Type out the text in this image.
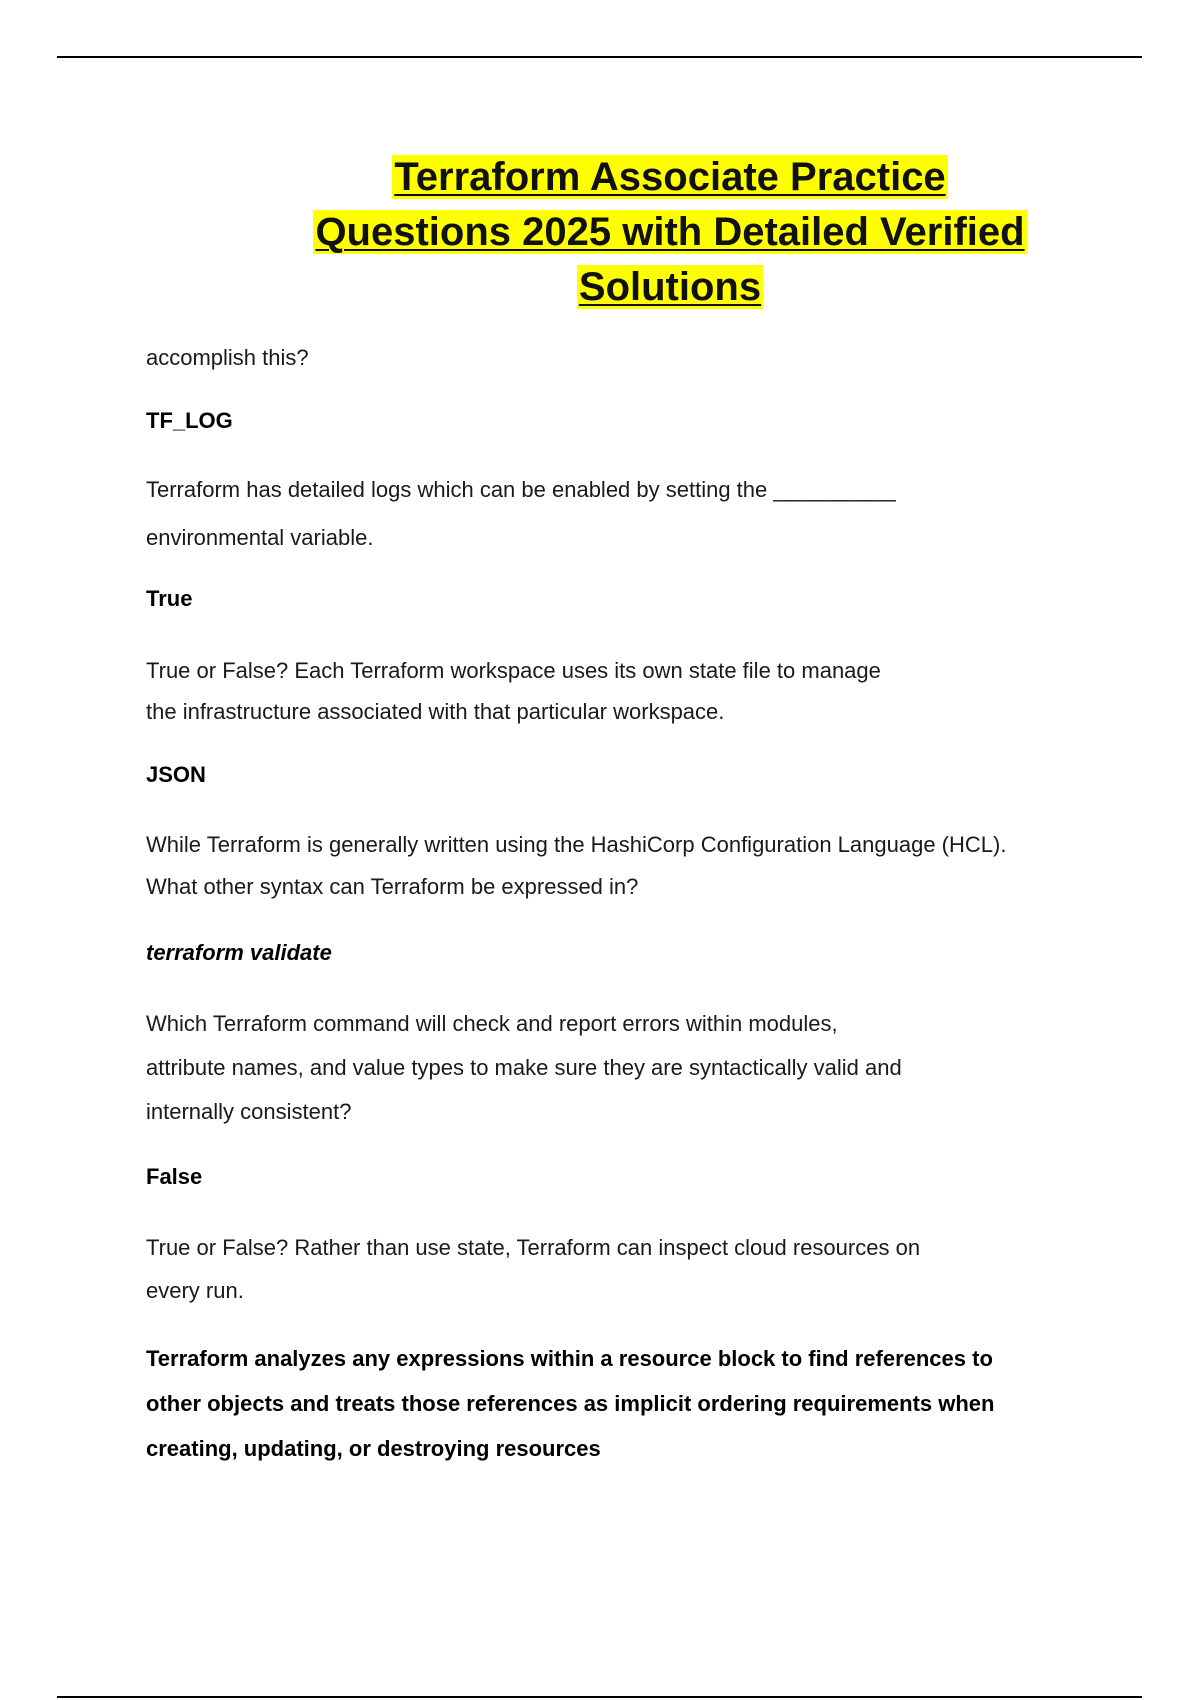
Terraform Associate Practice
Questions 2025 with Detailed Verified
Solutions

accomplish this?

TF_LOG

Terraform has detailed logs which can be enabled by setting the __________
environmental variable.

True

True or False? Each Terraform workspace uses its own state file to manage
the infrastructure associated with that particular workspace.

JSON

While Terraform is generally written using the HashiCorp Configuration Language (HCL).
What other syntax can Terraform be expressed in?

terraform validate

Which Terraform command will check and report errors within modules,
attribute names, and value types to make sure they are syntactically valid and
internally consistent?

False

True or False? Rather than use state, Terraform can inspect cloud resources on
every run.
Terraform analyzes any expressions within a resource block to find references to
other objects and treats those references as implicit ordering requirements when
creating, updating, or destroying resources
